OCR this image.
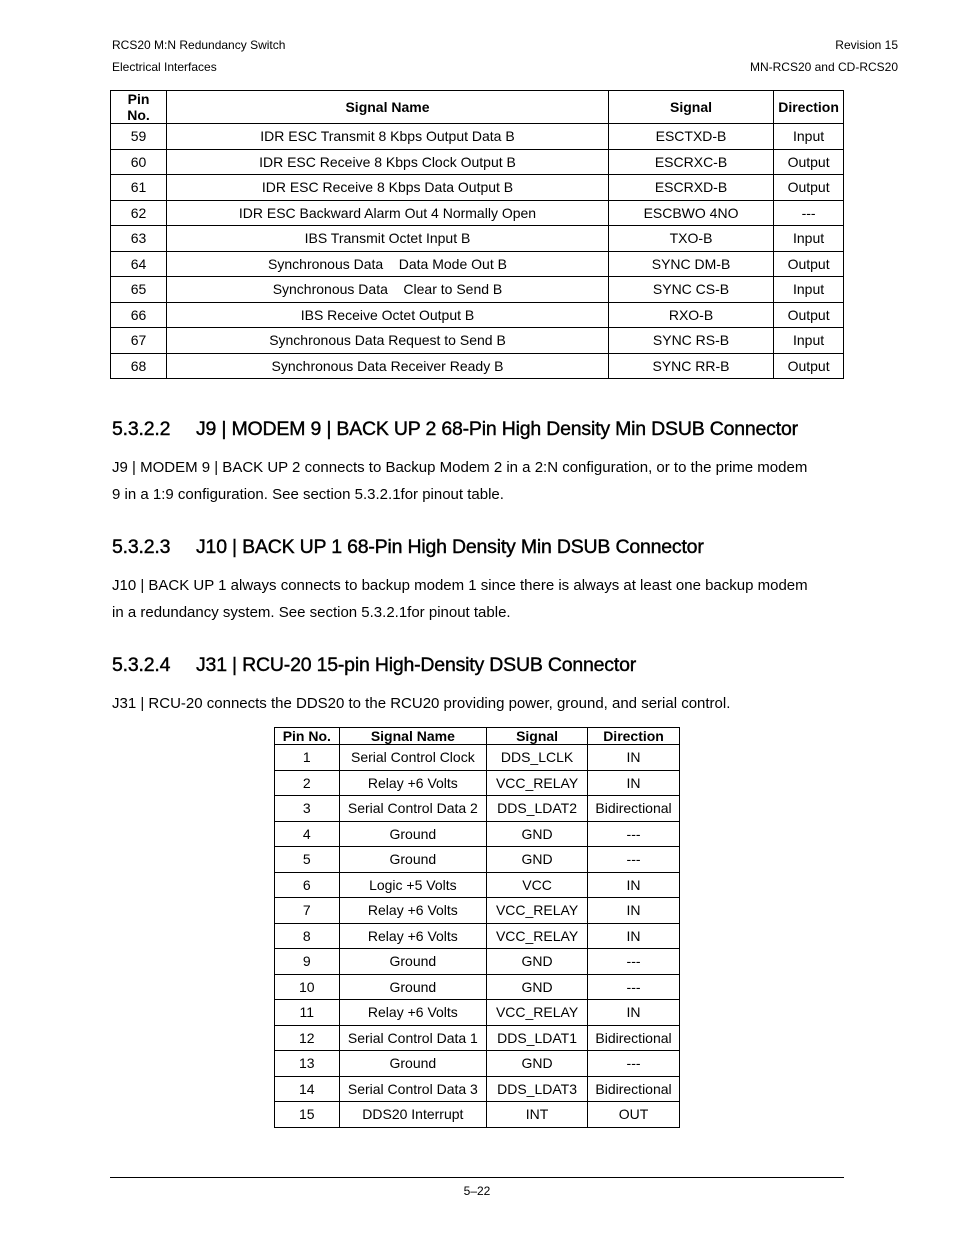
RCS20 M:N Redundancy Switch
Electrical Interfaces
Revision 15
MN-RCS20 and CD-RCS20
Pin No.	Signal Name	Signal	Direction
59	IDR ESC Transmit 8 Kbps Output Data B	ESCTXD-B	Input
60	IDR ESC Receive 8 Kbps Clock Output B	ESCRXC-B	Output
61	IDR ESC Receive 8 Kbps Data Output B	ESCRXD-B	Output
62	IDR ESC Backward Alarm Out 4 Normally Open	ESCBWO 4NO	---
63	IBS Transmit Octet Input B	TXO-B	Input
64	Synchronous Data    Data Mode Out B	SYNC DM-B	Output
65	Synchronous Data    Clear to Send B	SYNC CS-B	Input
66	IBS Receive Octet Output B	RXO-B	Output
67	Synchronous Data Request to Send B	SYNC RS-B	Input
68	Synchronous Data Receiver Ready B	SYNC RR-B	Output
5.3.2.2 J9 | MODEM 9 | BACK UP 2 68-Pin High Density Min DSUB Connector
J9 | MODEM 9 | BACK UP 2 connects to Backup Modem 2 in a 2:N configuration, or to the prime modem
9 in a 1:9 configuration. See section 5.3.2.1for pinout table.
5.3.2.3 J10 | BACK UP 1 68-Pin High Density Min DSUB Connector
J10 | BACK UP 1 always connects to backup modem 1 since there is always at least one backup modem
in a redundancy system. See section 5.3.2.1for pinout table.
5.3.2.4 J31 | RCU-20 15-pin High-Density DSUB Connector
J31 | RCU-20 connects the DDS20 to the RCU20 providing power, ground, and serial control.
Pin No.	Signal Name	Signal	Direction
1	Serial Control Clock	DDS_LCLK	IN
2	Relay +6 Volts	VCC_RELAY	IN
3	Serial Control Data 2	DDS_LDAT2	Bidirectional
4	Ground	GND	---
5	Ground	GND	---
6	Logic +5 Volts	VCC	IN
7	Relay +6 Volts	VCC_RELAY	IN
8	Relay +6 Volts	VCC_RELAY	IN
9	Ground	GND	---
10	Ground	GND	---
11	Relay +6 Volts	VCC_RELAY	IN
12	Serial Control Data 1	DDS_LDAT1	Bidirectional
13	Ground	GND	---
14	Serial Control Data 3	DDS_LDAT3	Bidirectional
15	DDS20 Interrupt	INT	OUT
5–22
